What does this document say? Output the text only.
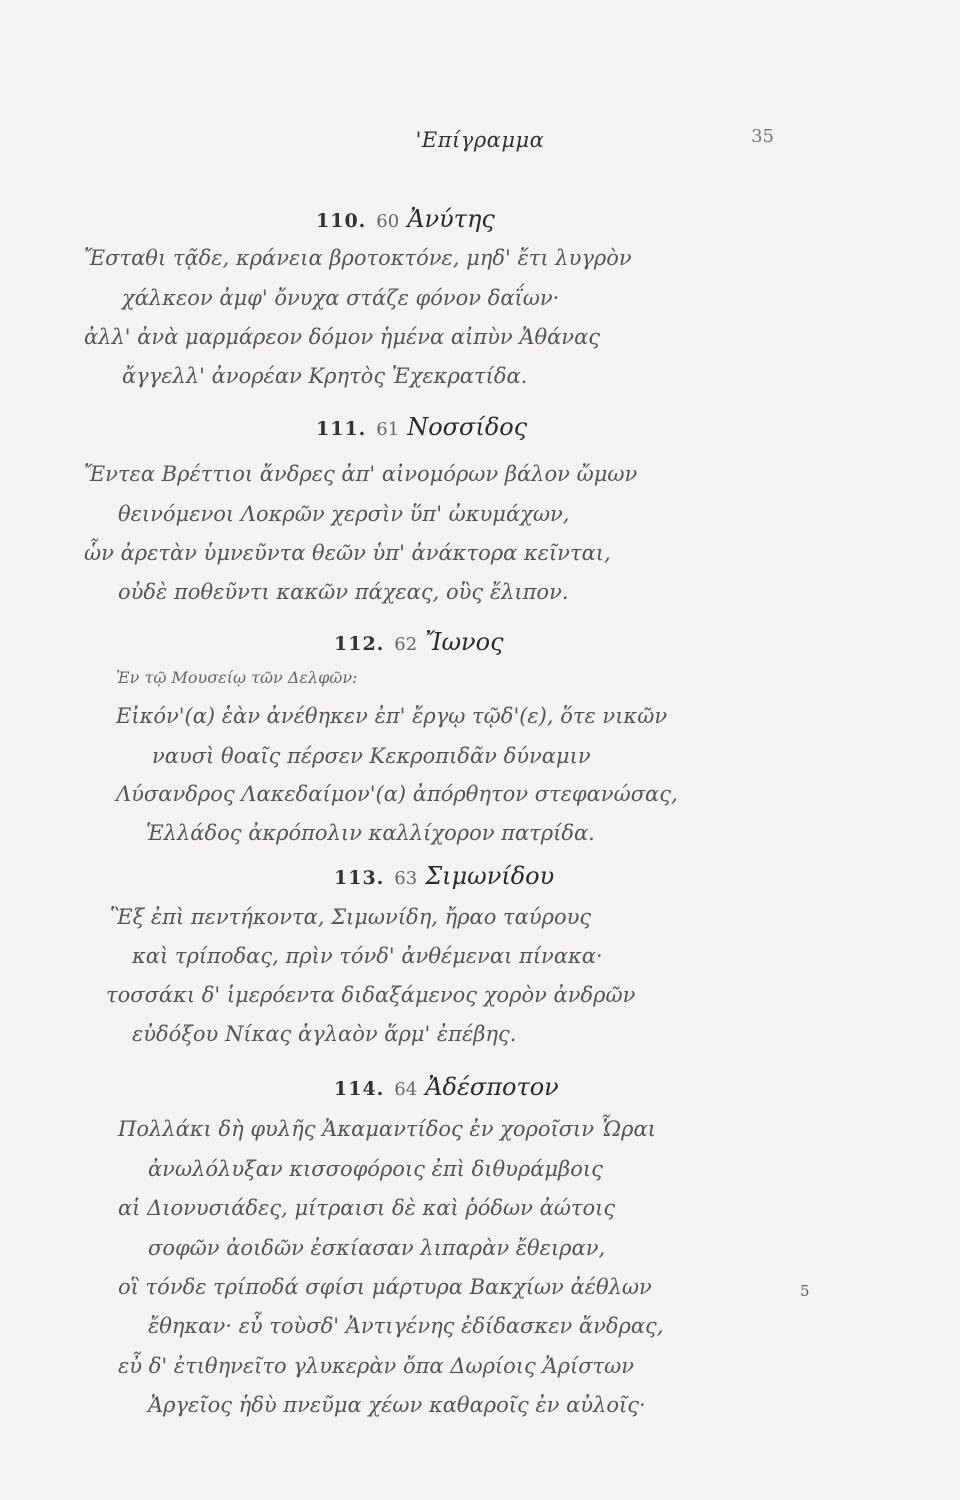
'Επίγραμμα	35
110. 60 Ἀνύτης
Ἔσταθι τᾷδε, κράνεια βροτοκτόνε, μηδ' ἔτι λυγρὸν
χάλκεον ἀμφ' ὄνυχα στάζε φόνον δαΐων·
ἀλλ' ἀνὰ μαρμάρεον δόμον ἡμένα αἰπὺν Ἀθάνας
ἄγγελλ' ἀνορέαν Κρητὸς Ἐχεκρατίδα.
111. 61 Νοσσίδος
Ἔντεα Βρέττιοι ἄνδρες ἀπ' αἰνομόρων βάλον ὤμων
θεινόμενοι Λοκρῶν χερσὶν ὕπ' ὠκυμάχων,
ὧν ἀρετὰν ὑμνεῦντα θεῶν ὑπ' ἀνάκτορα κεῖνται,
οὐδὲ ποθεῦντι κακῶν πάχεας, οὓς ἔλιπον.
112. 62 Ἴωνος
Ἐν τῷ Μουσείῳ τῶν Δελφῶν:
Εἰκόν'(α) ἑὰν ἀνέθηκεν ἐπ' ἔργῳ τῷδ'(ε), ὅτε νικῶν
ναυσὶ θοαῖς πέρσεν Κεκροπιδᾶν δύναμιν
Λύσανδρος Λακεδαίμον'(α) ἀπόρθητον στεφανώσας,
Ἑλλάδος ἀκρόπολιν καλλίχορον πατρίδα.
113. 63 Σιμωνίδου
Ἓξ ἐπὶ πεντήκοντα, Σιμωνίδη, ἤραο ταύρους
καὶ τρίποδας, πρὶν τόνδ' ἀνθέμεναι πίνακα·
τοσσάκι δ' ἱμερόεντα διδαξάμενος χορὸν ἀνδρῶν
εὐδόξου Νίκας ἀγλαὸν ἅρμ' ἐπέβης.
114. 64 Ἀδέσποτον
Πολλάκι δὴ φυλῆς Ἀκαμαντίδος ἐν χοροῖσιν Ὧραι
ἀνωλόλυξαν κισσοφόροις ἐπὶ διθυράμβοις
αἱ Διονυσιάδες, μίτραισι δὲ καὶ ῥόδων ἀώτοις
σοφῶν ἀοιδῶν ἐσκίασαν λιπαρὰν ἔθειραν,
οἳ τόνδε τρίποδά σφίσι μάρτυρα Βακχίων ἀέθλων
ἔθηκαν· εὖ τοὺσδ' Ἀντιγένης ἐδίδασκεν ἄνδρας,
εὖ δ' ἐτιθηνεῖτο γλυκερὰν ὄπα Δωρίοις Ἀρίστων
Ἀργεῖος ἡδὺ πνεῦμα χέων καθαροῖς ἐν αὐλοῖς·
5
